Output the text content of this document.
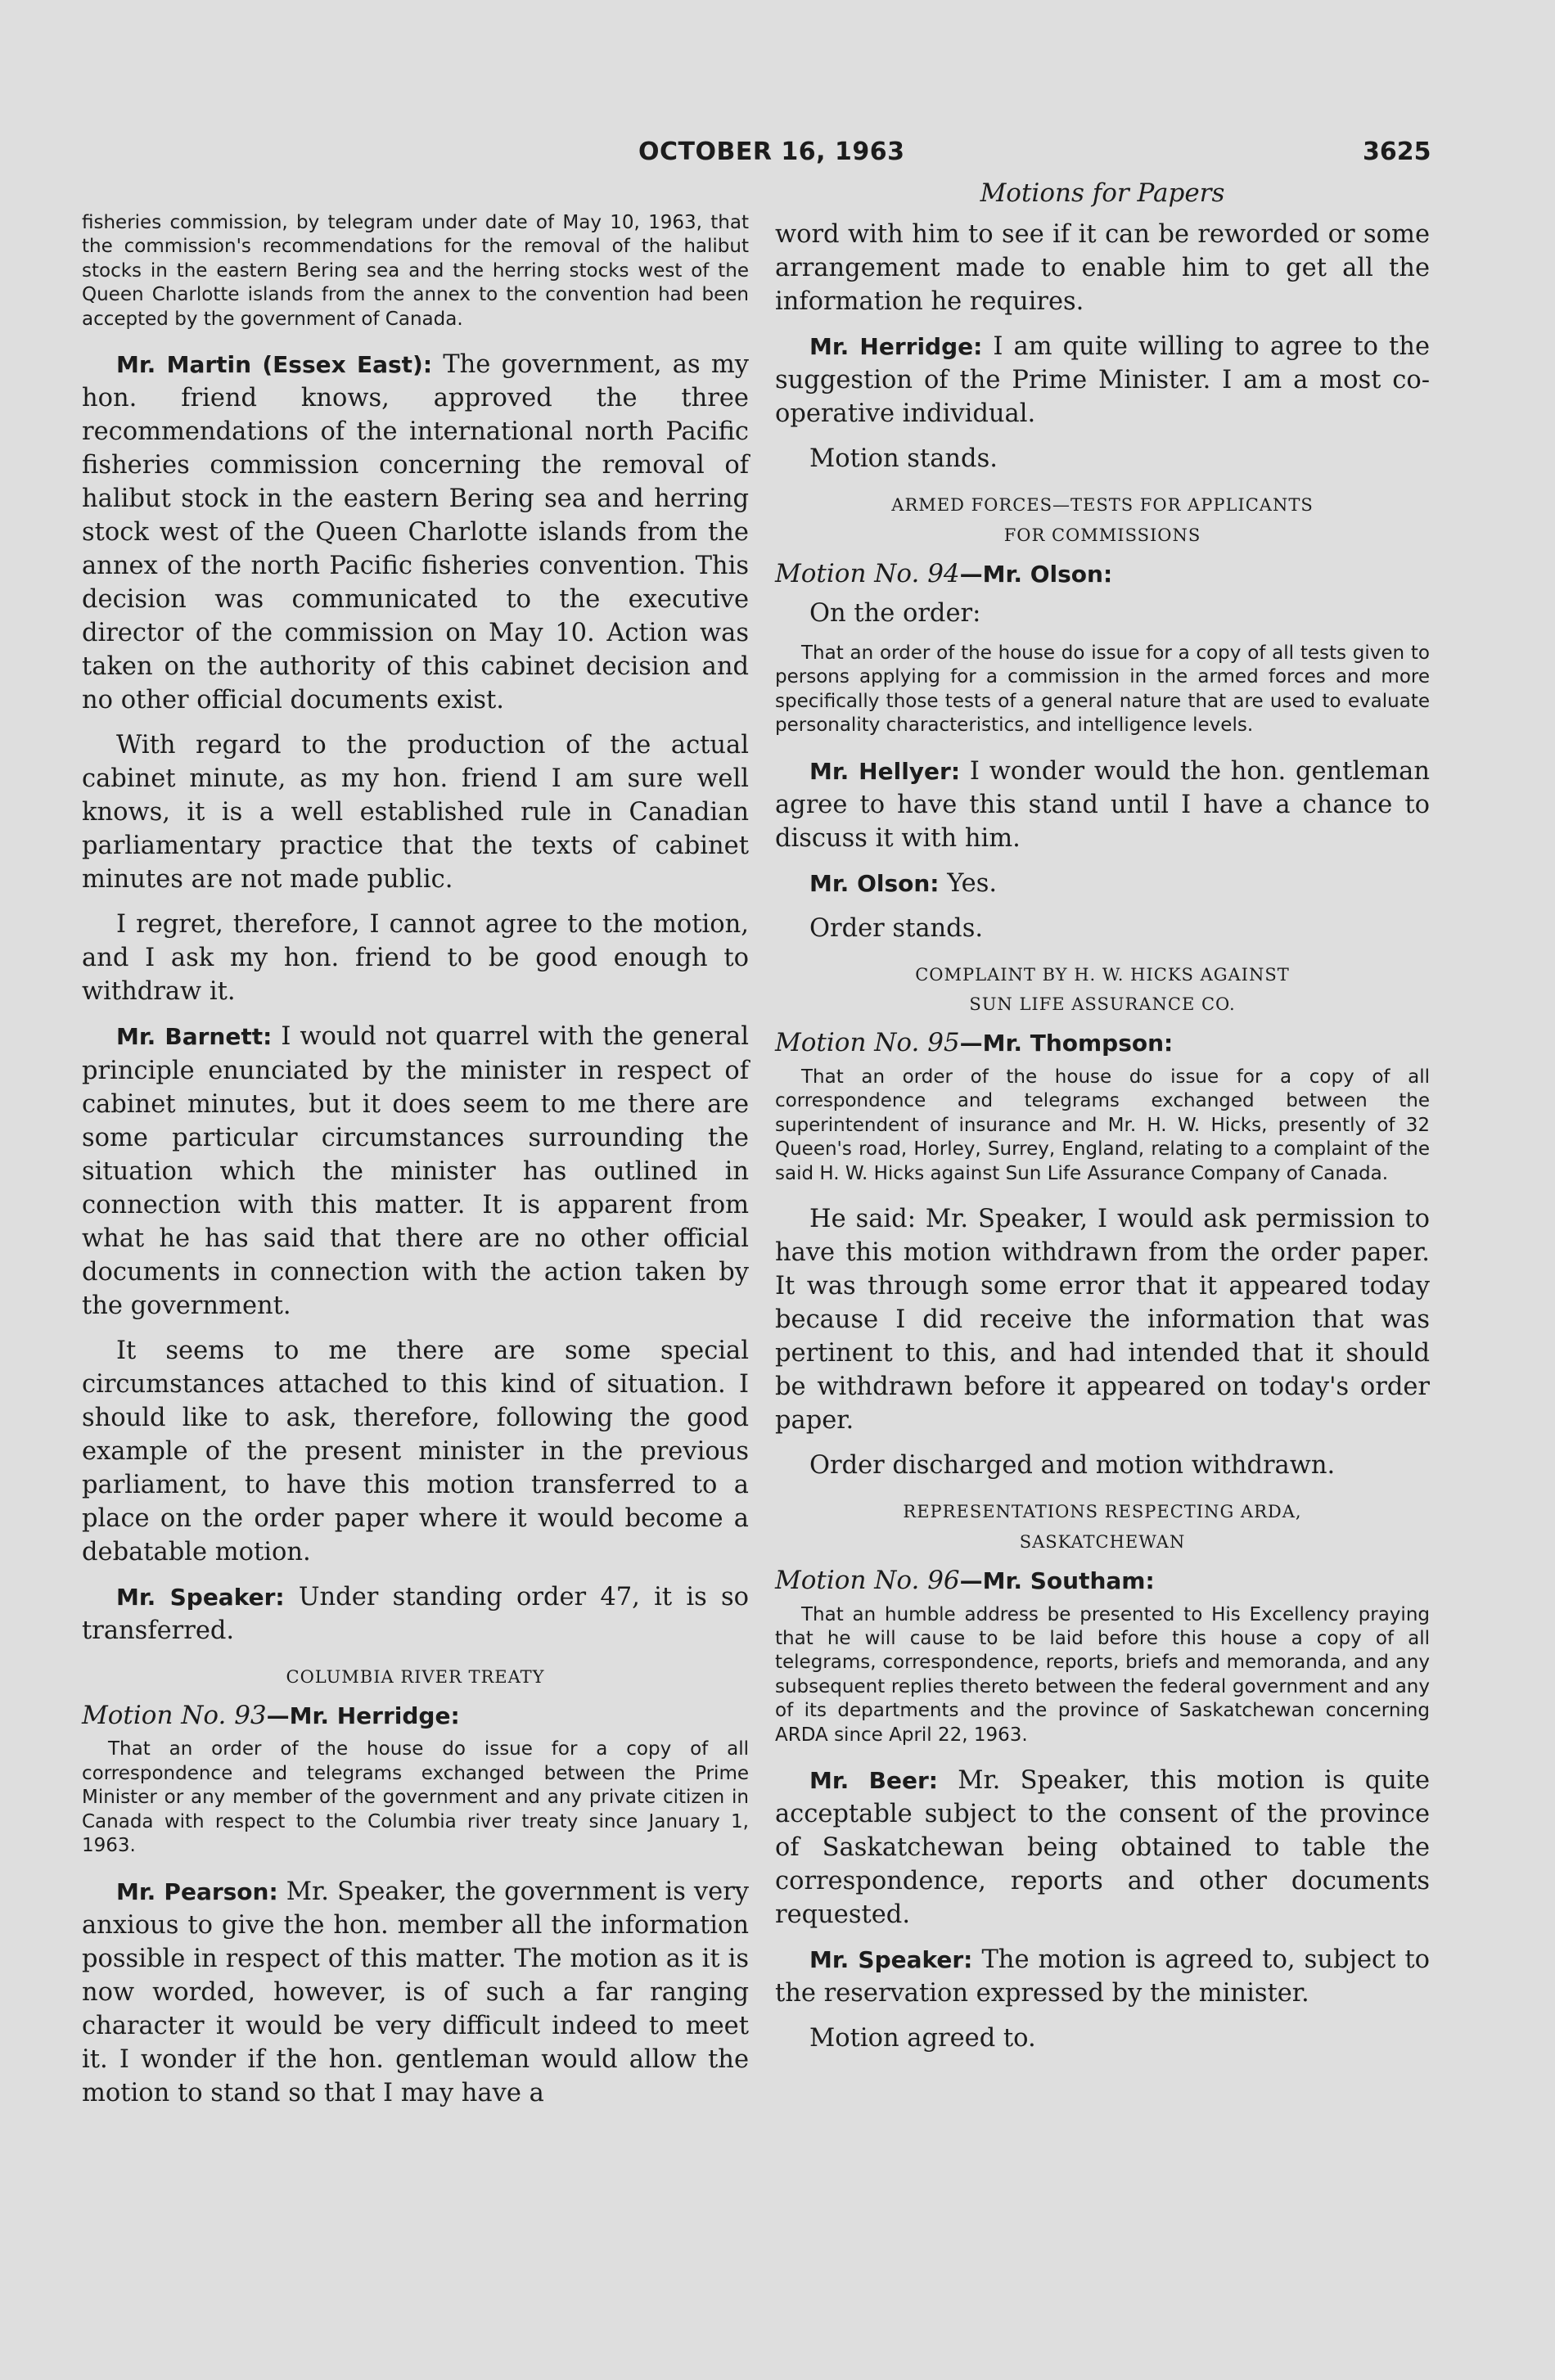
OCTOBER 16, 1963	3625

fisheries commission, by telegram under date of May 10, 1963, that the commission's recommendations for the removal of the halibut stocks in the eastern Bering sea and the herring stocks west of the Queen Charlotte islands from the annex to the convention had been accepted by the government of Canada.

Mr. Martin (Essex East): The government, as my hon. friend knows, approved the three recommendations of the international north Pacific fisheries commission concerning the removal of halibut stock in the eastern Bering sea and herring stock west of the Queen Charlotte islands from the annex of the north Pacific fisheries convention. This decision was communicated to the executive director of the commission on May 10. Action was taken on the authority of this cabinet decision and no other official documents exist.

With regard to the production of the actual cabinet minute, as my hon. friend I am sure well knows, it is a well established rule in Canadian parliamentary practice that the texts of cabinet minutes are not made public.

I regret, therefore, I cannot agree to the motion, and I ask my hon. friend to be good enough to withdraw it.

Mr. Barnett: I would not quarrel with the general principle enunciated by the minister in respect of cabinet minutes, but it does seem to me there are some particular circumstances surrounding the situation which the minister has outlined in connection with this matter. It is apparent from what he has said that there are no other official documents in connection with the action taken by the government.

It seems to me there are some special circumstances attached to this kind of situation. I should like to ask, therefore, following the good example of the present minister in the previous parliament, to have this motion transferred to a place on the order paper where it would become a debatable motion.

Mr. Speaker: Under standing order 47, it is so transferred.

COLUMBIA RIVER TREATY

Motion No. 93—Mr. Herridge:

That an order of the house do issue for a copy of all correspondence and telegrams exchanged between the Prime Minister or any member of the government and any private citizen in Canada with respect to the Columbia river treaty since January 1, 1963.

Mr. Pearson: Mr. Speaker, the government is very anxious to give the hon. member all the information possible in respect of this matter. The motion as it is now worded, however, is of such a far ranging character it would be very difficult indeed to meet it. I wonder if the hon. gentleman would allow the motion to stand so that I may have a

Motions for Papers

word with him to see if it can be reworded or some arrangement made to enable him to get all the information he requires.

Mr. Herridge: I am quite willing to agree to the suggestion of the Prime Minister. I am a most co-operative individual.

Motion stands.

ARMED FORCES—TESTS FOR APPLICANTS
FOR COMMISSIONS

Motion No. 94—Mr. Olson:

On the order:

That an order of the house do issue for a copy of all tests given to persons applying for a commission in the armed forces and more specifically those tests of a general nature that are used to evaluate personality characteristics, and intelligence levels.

Mr. Hellyer: I wonder would the hon. gentleman agree to have this stand until I have a chance to discuss it with him.

Mr. Olson: Yes.

Order stands.

COMPLAINT BY H. W. HICKS AGAINST
SUN LIFE ASSURANCE CO.

Motion No. 95—Mr. Thompson:

That an order of the house do issue for a copy of all correspondence and telegrams exchanged between the superintendent of insurance and Mr. H. W. Hicks, presently of 32 Queen's road, Horley, Surrey, England, relating to a complaint of the said H. W. Hicks against Sun Life Assurance Company of Canada.

He said: Mr. Speaker, I would ask permission to have this motion withdrawn from the order paper. It was through some error that it appeared today because I did receive the information that was pertinent to this, and had intended that it should be withdrawn before it appeared on today's order paper.

Order discharged and motion withdrawn.

REPRESENTATIONS RESPECTING ARDA,
SASKATCHEWAN

Motion No. 96—Mr. Southam:

That an humble address be presented to His Excellency praying that he will cause to be laid before this house a copy of all telegrams, correspondence, reports, briefs and memoranda, and any subsequent replies thereto between the federal government and any of its departments and the province of Saskatchewan concerning ARDA since April 22, 1963.

Mr. Beer: Mr. Speaker, this motion is quite acceptable subject to the consent of the province of Saskatchewan being obtained to table the correspondence, reports and other documents requested.

Mr. Speaker: The motion is agreed to, subject to the reservation expressed by the minister.

Motion agreed to.
